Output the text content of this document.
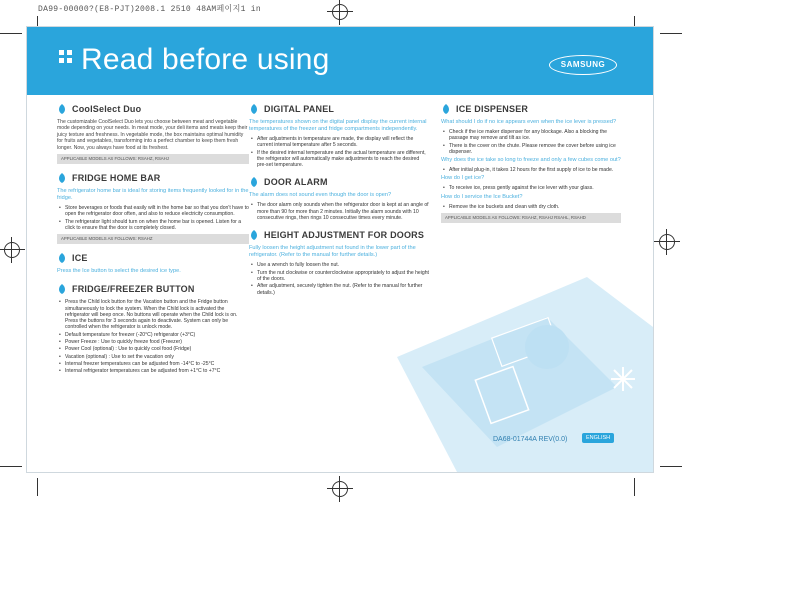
DA99-00000?(E8-PJT)2008.1 2510 48AM페이지1 in
Read before using	SAMSUNG
CoolSelect Duo

The customizable CoolSelect Duo lets you choose between meat and vegetable mode depending on your needs. In meat mode, your deli items and meats keep their juicy texture and freshness. In vegetable mode, the box maintains optimal humidity for fruits and vegetables, transforming into a perfect chamber to keep them fresh longer. Now, you always have food at its freshest.

APPLICABLE MODELS AS FOLLOWS: RSAHZ, RSAHJ
FRIDGE HOME BAR

The refrigerator home bar is ideal for storing items frequently looked for in the fridge.

• Store beverages or foods that easily wilt in the home bar so that you don't have to open the refrigerator door often, and also to reduce electricity consumption.
• The refrigerator light should turn on when the home bar is opened. Listen for a click to ensure that the door is completely closed.
APPLICABLE MODELS AS FOLLOWS: RSAHZ
ICE

Press the Ice button to select the desired ice type.

FRIDGE/FREEZER BUTTON
• Press the Child lock button for the Vacation button and the Fridge button simultaneously to lock the system. When the Child lock is activated the refrigerator will beep once. No buttons will operate when the Child lock is on. Press the buttons for 3 seconds again to deactivate. System can only be controlled when the refrigerator is unlock mode.
• Default temperature for freezer (-20°C) refrigerator (+3°C)
• Power Freeze : Use to quickly freeze food (Freezer)
• Power Cool (optional) : Use to quickly cool food (Fridge)
• Vacation (optional) : Use to set the vacation only
• Internal freezer temperatures can be adjusted from -14°C to -25°C
• Internal refrigerator temperatures can be adjusted from +1°C to +7°C
DIGITAL PANEL

The temperatures shown on the digital panel display the current internal temperatures of the freezer and fridge compartments independently.

• After adjustments in temperature are made, the display will reflect the current internal temperature after 5 seconds.
• If the desired internal temperature and the actual temperature are different, the refrigerator will automatically make adjustments to reach the desired pre-set temperature.
DOOR ALARM

The alarm does not sound even though the door is open?

• The door alarm only sounds when the refrigerator door is kept at an angle of more than 90 for more than 2 minutes. Initially the alarm sounds with 10 consecutive rings, then rings 10 consecutive times every minute.
HEIGHT ADJUSTMENT FOR DOORS

Fully loosen the height adjustment nut found in the lower part of the refrigerator. (Refer to the manual for further details.)

• Use a wrench to fully loosen the nut.
• Turn the nut clockwise or counterclockwise appropriately to adjust the height of the doors.
• After adjustment, securely tighten the nut. (Refer to the manual for further details.)
ICE DISPENSER

What should I do if no ice appears even when the ice lever is pressed?

• Check if the ice maker dispenser for any blockage. Also a blocking the passage may remove and tilt as ice.
• There is the cover on the chute. Please remove the cover before using ice dispenser.

Why does the ice take so long to freeze and only a few cubes come out?

• After initial plug-in, it takes 12 hours for the first supply of ice to be made.

How do I get ice?

• To receive ice, press gently against the ice lever with your glass.

How do I service the Ice Bucket?

• Remove the ice buckets and clean with dry cloth.
APPLICABLE MODELS AS FOLLOWS: RSAHZ, RSAHJ RSAHL, RSAHD
DA68-01744A REV(0.0)	ENGLISH
